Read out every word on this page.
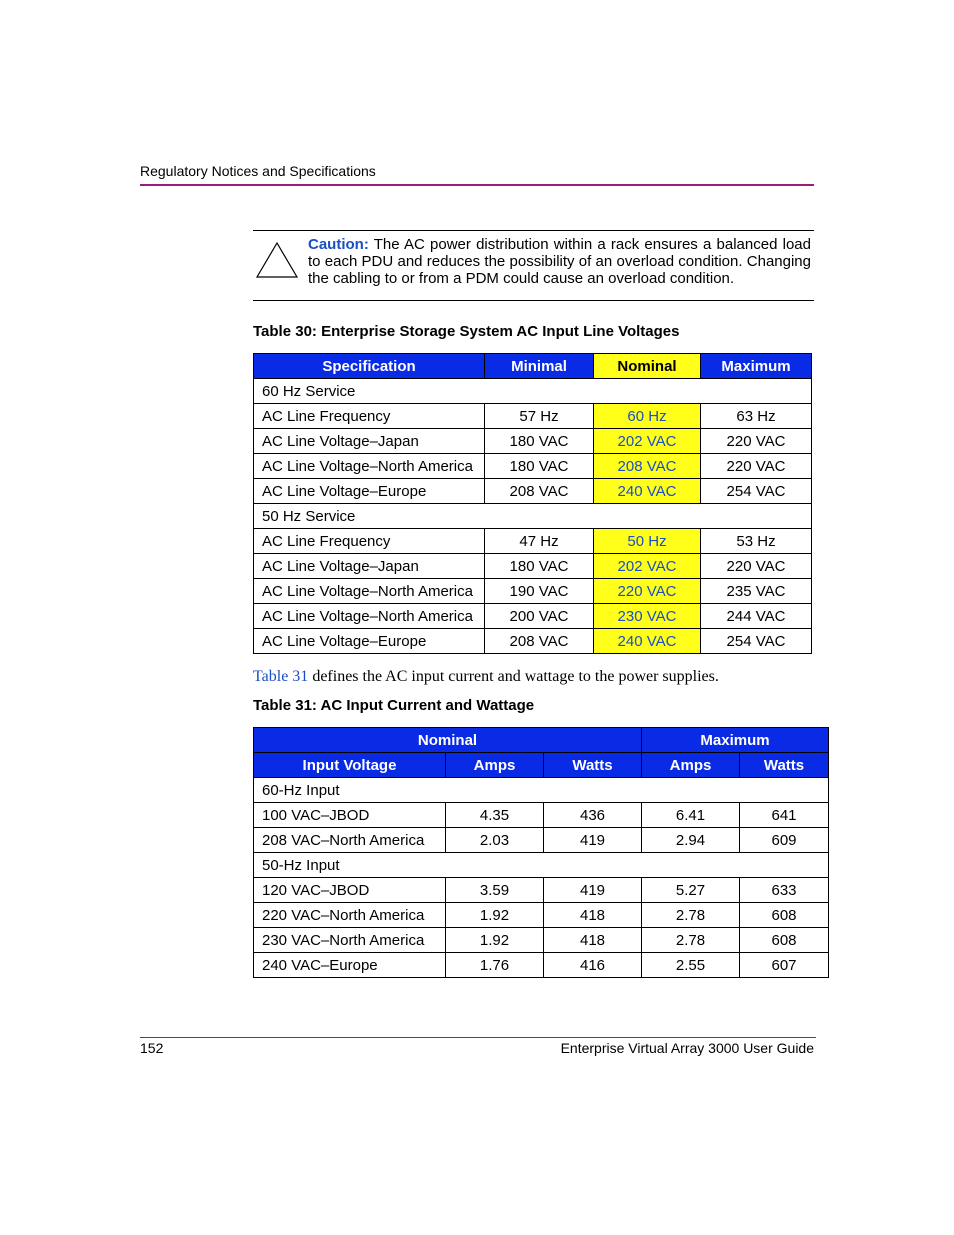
Regulatory Notices and Specifications
Caution: The AC power distribution within a rack ensures a balanced load to each PDU and reduces the possibility of an overload condition. Changing the cabling to or from a PDM could cause an overload condition.
Table 30: Enterprise Storage System AC Input Line Voltages
Specification	Minimal	Nominal	Maximum
60 Hz Service			
AC Line Frequency	57 Hz	60 Hz	63 Hz
AC Line Voltage–Japan	180 VAC	202 VAC	220 VAC
AC Line Voltage–North America	180 VAC	208 VAC	220 VAC
AC Line Voltage–Europe	208 VAC	240 VAC	254 VAC
50 Hz Service			
AC Line Frequency	47 Hz	50 Hz	53 Hz
AC Line Voltage–Japan	180 VAC	202 VAC	220 VAC
AC Line Voltage–North America	190 VAC	220 VAC	235 VAC
AC Line Voltage–North America	200 VAC	230 VAC	244 VAC
AC Line Voltage–Europe	208 VAC	240 VAC	254 VAC
Table 31 defines the AC input current and wattage to the power supplies.
Table 31: AC Input Current and Wattage
Nominal			Maximum	
Input Voltage	Amps	Watts	Amps	Watts
60-Hz Input				
100 VAC–JBOD	4.35	436	6.41	641
208 VAC–North America	2.03	419	2.94	609
50-Hz Input				
120 VAC–JBOD	3.59	419	5.27	633
220 VAC–North America	1.92	418	2.78	608
230 VAC–North America	1.92	418	2.78	608
240 VAC–Europe	1.76	416	2.55	607
152	Enterprise Virtual Array 3000 User Guide
